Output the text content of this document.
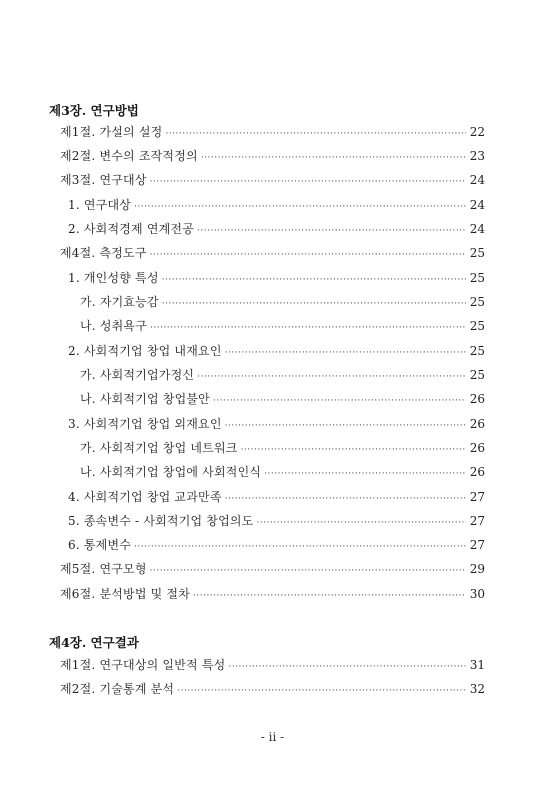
제3장. 연구방법
제1절. 가설의 설정 ·····	22
제2절. 변수의 조작적정의 ·····	23
제3절. 연구대상 ·····	24
1. 연구대상 ·····	24
2. 사회적경제 연계전공 ·····	24
제4절. 측정도구 ·····	25
1. 개인성향 특성 ·····	25
가. 자기효능감 ·····	25
나. 성취욕구 ·····	25
2. 사회적기업 창업 내재요인 ·····	25
가. 사회적기업가정신 ·····	25
나. 사회적기업 창업불안 ·····	26
3. 사회적기업 창업 외재요인 ·····	26
가. 사회적기업 창업 네트워크 ·····	26
나. 사회적기업 창업에 사회적인식 ·····	26
4. 사회적기업 창업 교과만족 ·····	27
5. 종속변수 - 사회적기업 창업의도 ·····	27
6. 통제변수 ·····	27
제5절. 연구모형 ·····	29
제6절. 분석방법 및 절차 ·····	30
제4장. 연구결과
제1절. 연구대상의 일반적 특성 ·····	31
제2절. 기술통계 분석 ·····	32
- ii -
